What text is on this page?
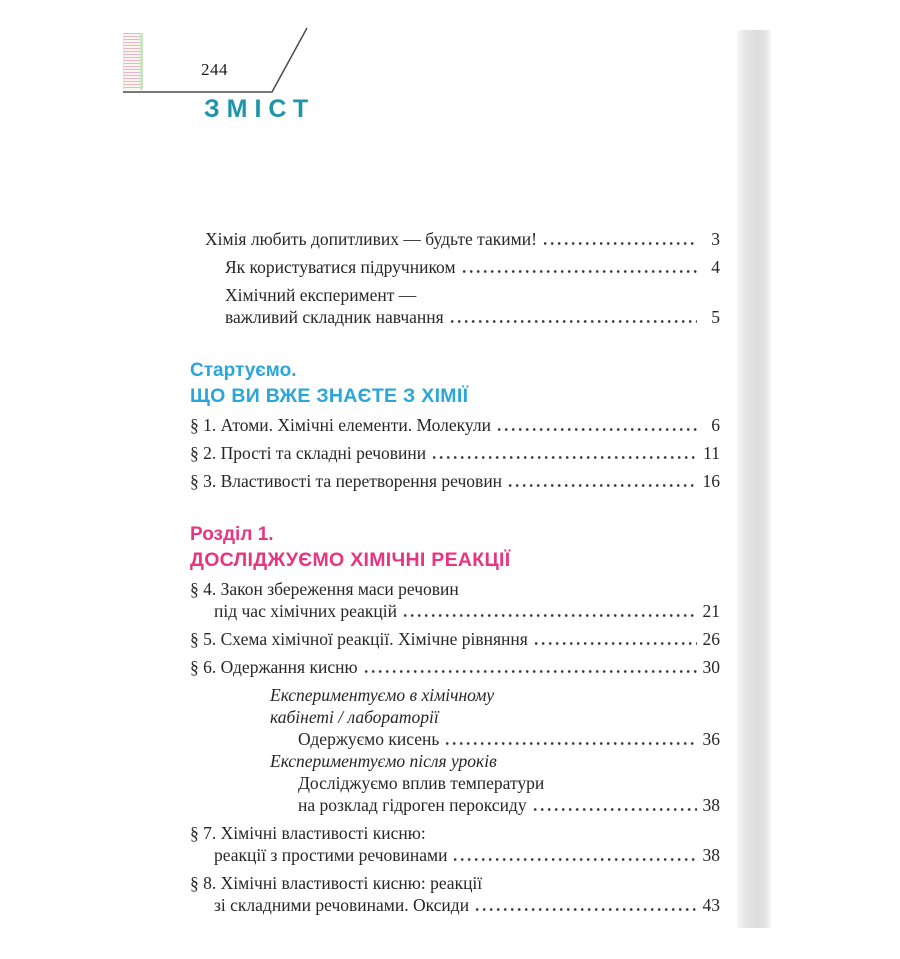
244
ЗМІСТ
Хімія любить допитливих — будьте такими!	3
Як користуватися підручником	4
Хімічний експеримент —
важливий складник навчання	5
Стартуємо.
ЩО ВИ ВЖЕ ЗНАЄТЕ З ХІМІЇ
§ 1. Атоми. Хімічні елементи. Молекули	6
§ 2. Прості та складні речовини	11
§ 3. Властивості та перетворення речовин	16
Розділ 1.
ДОСЛІДЖУЄМО ХІМІЧНІ РЕАКЦІЇ
§ 4. Закон збереження маси речовин
під час хімічних реакцій	21
§ 5. Схема хімічної реакції. Хімічне рівняння	26
§ 6. Одержання кисню	30
Експериментуємо в хімічному
кабінеті / лабораторії
Одержуємо кисень	36
Експериментуємо після уроків
Досліджуємо вплив температури
на розклад гідроген пероксиду	38
§ 7. Хімічні властивості кисню:
реакції з простими речовинами	38
§ 8. Хімічні властивості кисню: реакції
зі складними речовинами. Оксиди	43
